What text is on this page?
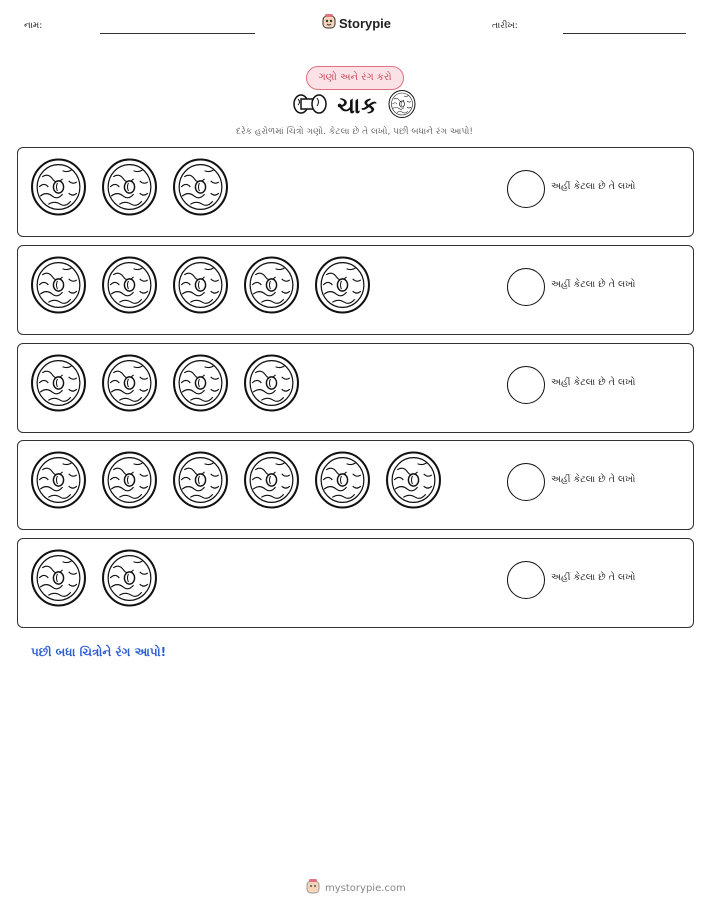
નામ:	Storypie	તારીખ:
ગણો અને રંગ કરો
ચાક
દરેક હરોળમાં ચિત્રો ગણો. કેટલા છે તે લખો, પછી બધાને રંગ આપો!
અહીં કેટલા છે તે લખો
અહીં કેટલા છે તે લખો
અહીં કેટલા છે તે લખો
અહીં કેટલા છે તે લખો
અહીં કેટલા છે તે લખો
પછી બધા ચિત્રોને રંગ આપો!
mystorypie.com
